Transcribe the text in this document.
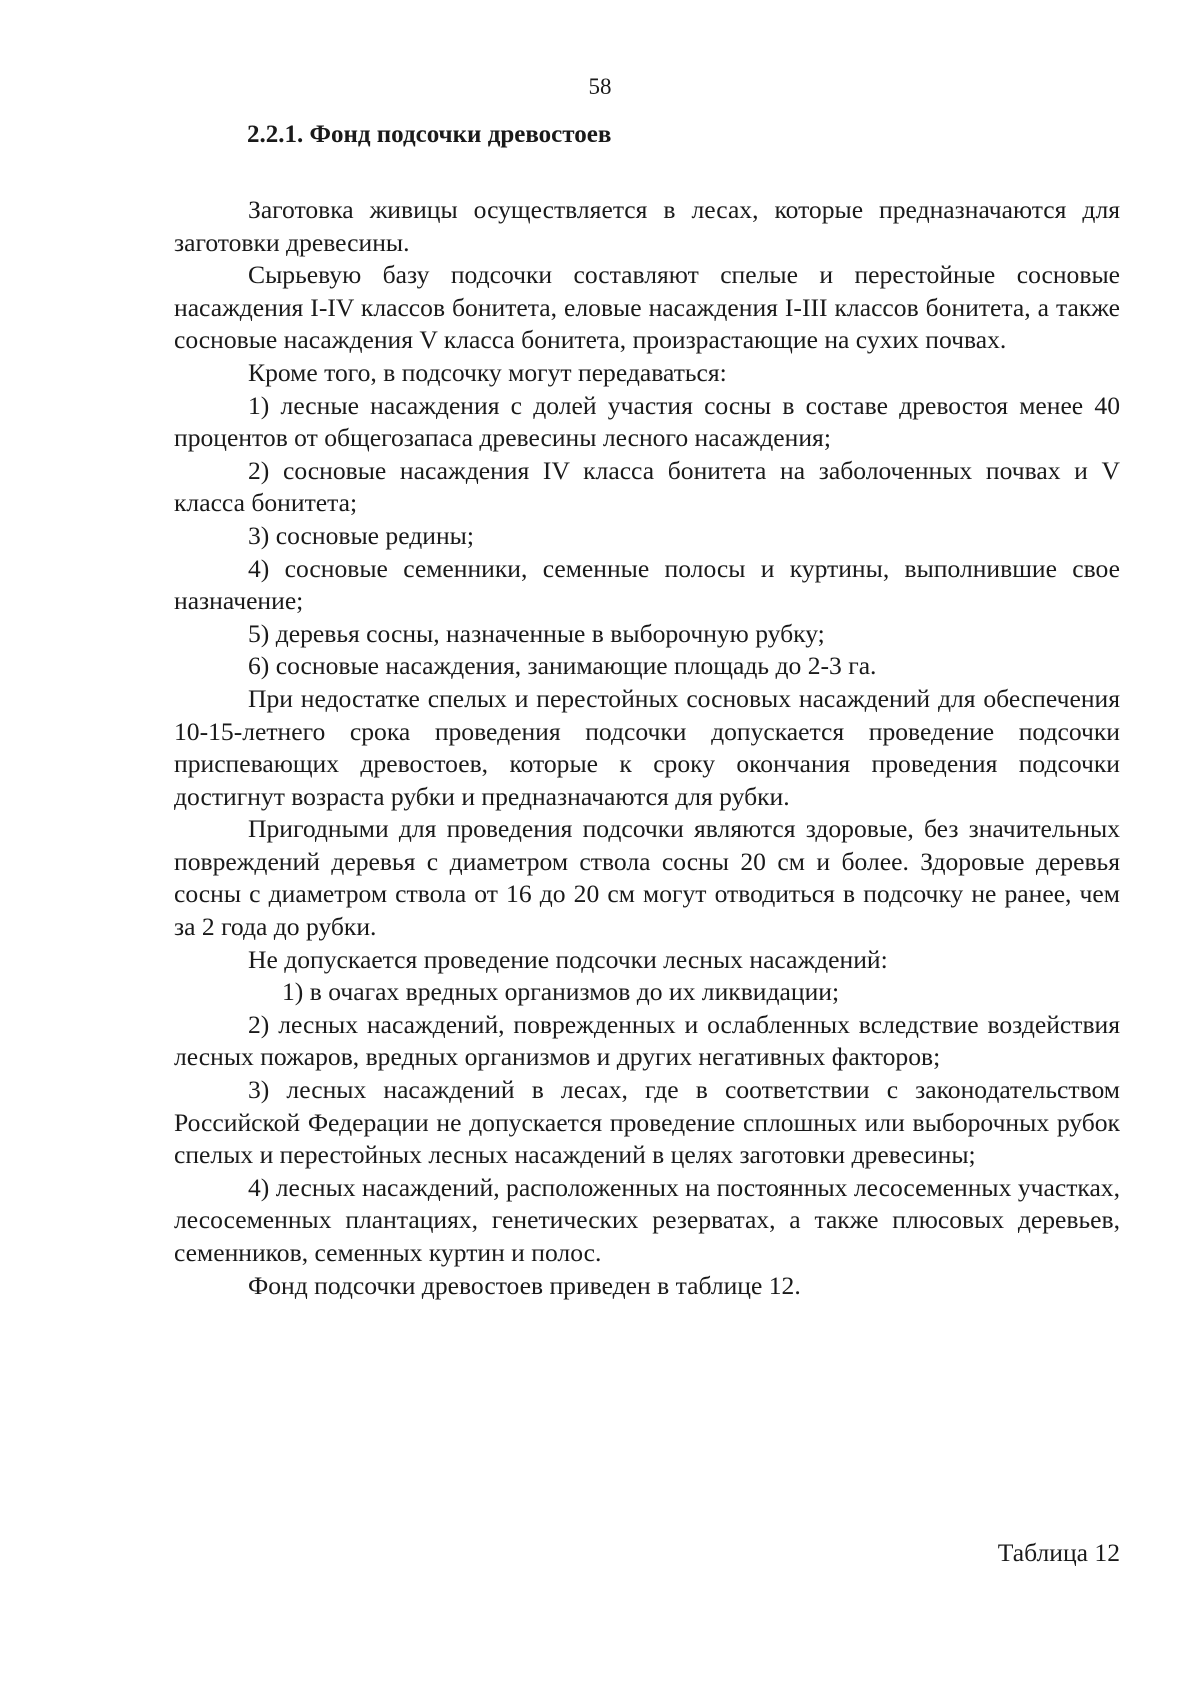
58
2.2.1. Фонд подсочки древостоев

Заготовка живицы осуществляется в лесах, которые предназначаются для заготовки древесины.

Сырьевую базу подсочки составляют спелые и перестойные сосновые насаждения I-IV классов бонитета, еловые насаждения I-III классов бонитета, а также сосновые насаждения V класса бонитета, произрастающие на сухих почвах.

Кроме того, в подсочку могут передаваться:

1) лесные насаждения с долей участия сосны в составе древостоя менее 40 процентов от общегозапаса древесины лесного насаждения;

2) сосновые насаждения IV класса бонитета на заболоченных почвах и V класса бонитета;

3) сосновые редины;

4) сосновые семенники, семенные полосы и куртины, выполнившие свое назначение;

5) деревья сосны, назначенные в выборочную рубку;

6) сосновые насаждения, занимающие площадь до 2-3 га.

При недостатке спелых и перестойных сосновых насаждений для обеспечения 10-15-летнего срока проведения подсочки допускается проведение подсочки приспевающих древостоев, которые к сроку окончания проведения подсочки достигнут возраста рубки и предназначаются для рубки.

Пригодными для проведения подсочки являются здоровые, без значительных повреждений деревья с диаметром ствола сосны 20 см и более. Здоровые деревья сосны с диаметром ствола от 16 до 20 см могут отводиться в подсочку не ранее, чем за 2 года до рубки.

Не допускается проведение подсочки лесных насаждений:

1) в очагах вредных организмов до их ликвидации;

2) лесных насаждений, поврежденных и ослабленных вследствие воздействия лесных пожаров, вредных организмов и других негативных факторов;

3) лесных насаждений в лесах, где в соответствии с законодательством Российской Федерации не допускается проведение сплошных или выборочных рубок спелых и перестойных лесных насаждений в целях заготовки древесины;

4) лесных насаждений, расположенных на постоянных лесосеменных участках, лесосеменных плантациях, генетических резерватах, а также плюсовых деревьев, семенников, семенных куртин и полос.

Фонд подсочки древостоев приведен в таблице 12.

Таблица 12
